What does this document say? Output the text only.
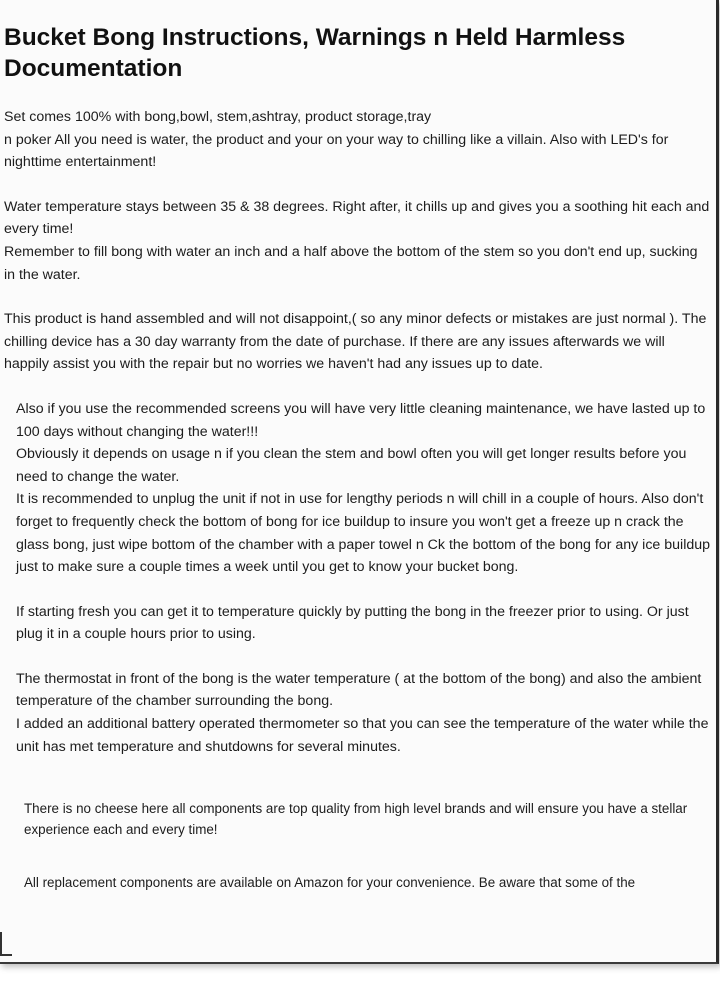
Bucket Bong Instructions, Warnings n Held Harmless Documentation

Set comes 100% with bong,bowl, stem,ashtray, product storage,tray

n poker All you need is water, the product and your on your way to chilling like a villain. Also with LED's for nighttime entertainment!

Water temperature stays between 35 & 38 degrees. Right after, it chills up and gives you a soothing hit each and every time!

Remember to fill bong with water an inch and a half above the bottom of the stem so you don't end up, sucking in the water.

This product is hand assembled and will not disappoint,( so any minor defects or mistakes are just normal ). The chilling device has a 30 day warranty from the date of purchase. If there are any issues afterwards we will happily assist you with the repair but no worries we haven't had any issues up to date.

Also if you use the recommended screens you will have very little cleaning maintenance, we have lasted up to 100 days without changing the water!!!

Obviously it depends on usage n if you clean the stem and bowl often you will get longer results before you

need to change the water.

It is recommended to unplug the unit if not in use for lengthy periods n will chill in a couple of hours. Also don't forget to frequently check the bottom of bong for ice buildup to insure you won't get a freeze up n crack the glass bong, just wipe bottom of the chamber with a paper towel n Ck the bottom of the bong for any ice buildup just to make sure a couple times a week until you get to know your bucket bong.

If starting fresh you can get it to temperature quickly by putting the bong in the freezer prior to using. Or just plug it in a couple hours prior to using.

The thermostat in front of the bong is the water temperature ( at the bottom of the bong) and also the ambient temperature of the chamber surrounding the bong.

I added an additional battery operated thermometer so that you can see the temperature of the water while the unit has met temperature and shutdowns for several minutes.

There is no cheese here all components are top quality from high level brands and will ensure you have a stellar experience each and every time!

All replacement components are available on Amazon for your convenience. Be aware that some of the
